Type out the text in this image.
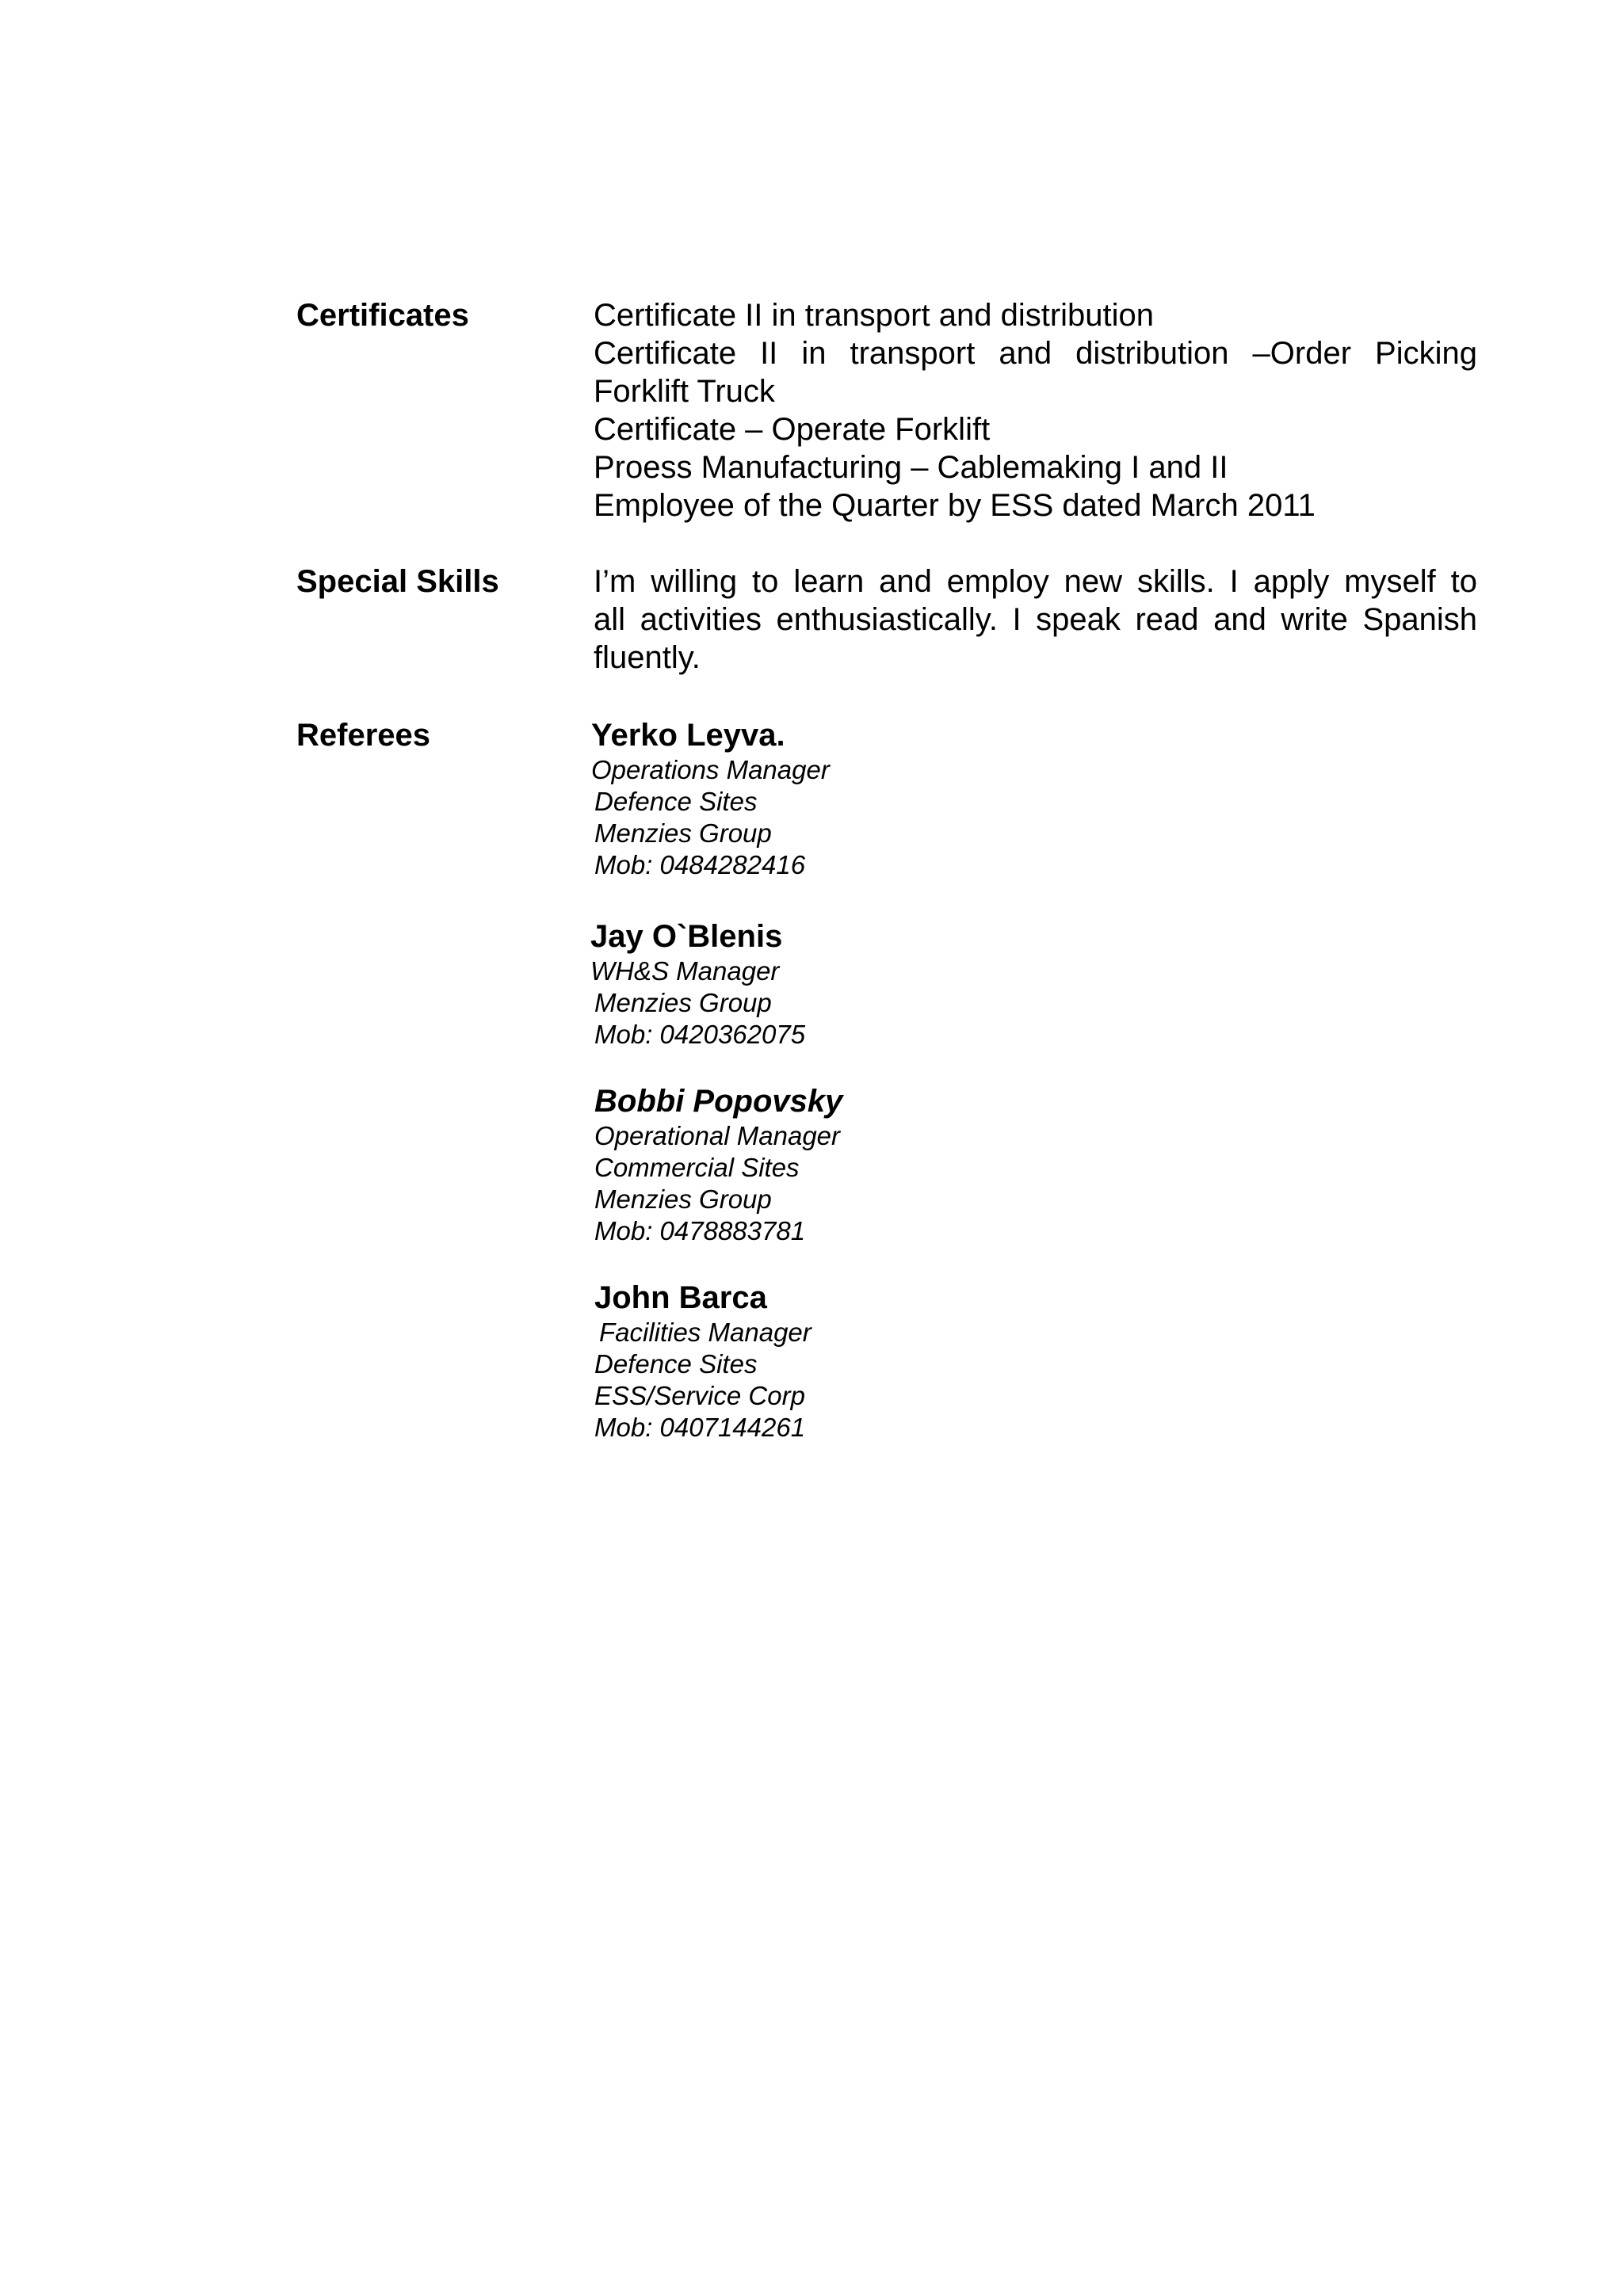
Certificates	Certificate II in transport and distribution
Certificate II in transport and distribution –Order Picking
Forklift Truck
Certificate – Operate Forklift
Proess Manufacturing – Cablemaking I and II
Employee of the Quarter by ESS dated March 2011
Special Skills	I’m willing to learn and employ new skills. I apply myself to
all activities enthusiastically. I speak read and write Spanish
fluently.
Referees	Yerko Leyva.
Operations Manager
Defence Sites
Menzies Group
Mob: 0484282416
Jay O`Blenis
WH&S Manager
Menzies Group
Mob: 0420362075
Bobbi Popovsky
Operational Manager
Commercial Sites
Menzies Group
Mob: 0478883781
John Barca
Facilities Manager
Defence Sites
ESS/Service Corp
Mob: 0407144261
